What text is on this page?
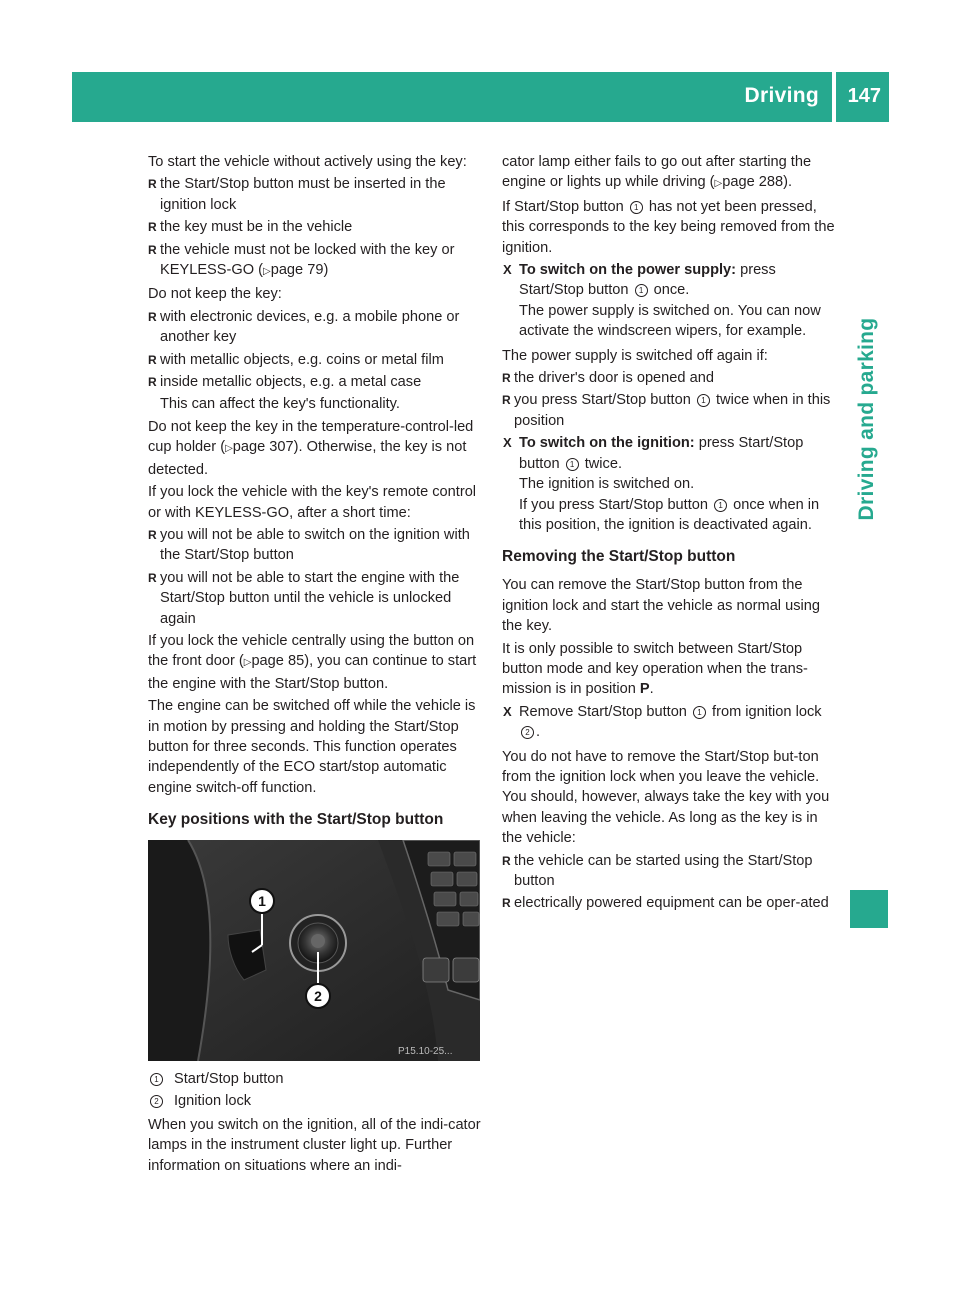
Driving 147
Driving and parking

To start the vehicle without actively using the key:

R the Start/Stop button must be inserted in the ignition lock
R the key must be in the vehicle
R the vehicle must not be locked with the key or KEYLESS-GO (▷page 79)

Do not keep the key:

R with electronic devices, e.g. a mobile phone or another key
R with metallic objects, e.g. coins or metal film
R inside metallic objects, e.g. a metal case

This can affect the key's functionality.

Do not keep the key in the temperature-control-led cup holder (▷page 307). Otherwise, the key is not detected.

If you lock the vehicle with the key's remote control or with KEYLESS-GO, after a short time:

R you will not be able to switch on the ignition with the Start/Stop button
R you will not be able to start the engine with the Start/Stop button until the vehicle is unlocked again

If you lock the vehicle centrally using the button on the front door (▷page 85), you can continue to start the engine with the Start/Stop button.

The engine can be switched off while the vehicle is in motion by pressing and holding the Start/Stop button for three seconds. This function operates independently of the ECO start/stop automatic engine switch-off function.

Key positions with the Start/Stop button
1
2
P15.10-25...
1 Start/Stop button
2 Ignition lock

When you switch on the ignition, all of the indi-cator lamps in the instrument cluster light up. Further information on situations where an indi-

cator lamp either fails to go out after starting the engine or lights up while driving (▷page 288).

If Start/Stop button 1 has not yet been pressed, this corresponds to the key being removed from the ignition.

X To switch on the power supply: press Start/Stop button 1 once.
The power supply is switched on. You can now activate the windscreen wipers, for example.

The power supply is switched off again if:

R the driver's door is opened and
R you press Start/Stop button 1 twice when in this position
X To switch on the ignition: press Start/Stop button 1 twice.
The ignition is switched on.
If you press Start/Stop button 1 once when in this position, the ignition is deactivated again.
Removing the Start/Stop button

You can remove the Start/Stop button from the ignition lock and start the vehicle as normal using the key.

It is only possible to switch between Start/Stop button mode and key operation when the trans-mission is in position P.

X Remove Start/Stop button 1 from ignition lock 2 .

You do not have to remove the Start/Stop but-ton from the ignition lock when you leave the vehicle. You should, however, always take the key with you when leaving the vehicle. As long as the key is in the vehicle:

R the vehicle can be started using the Start/Stop button
R electrically powered equipment can be oper-ated
